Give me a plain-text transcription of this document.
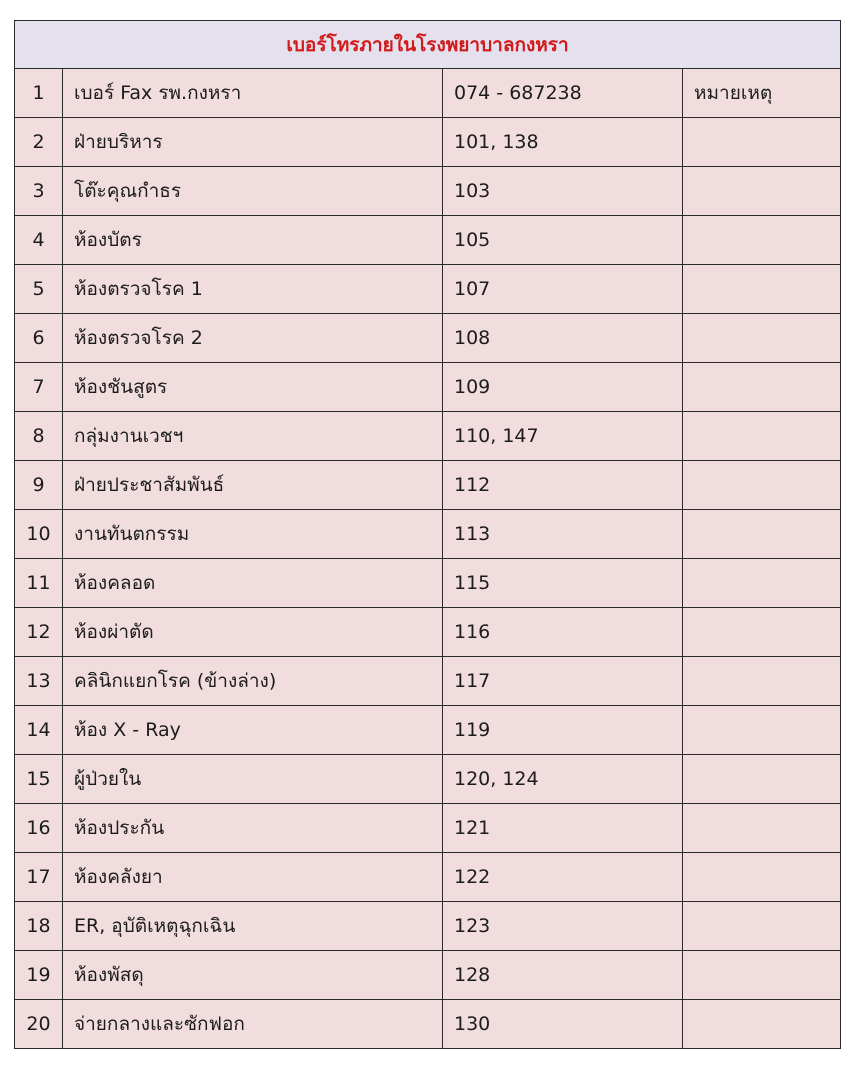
เบอร์โทรภายในโรงพยาบาลกงหรา			
1	เบอร์ Fax รพ.กงหรา	074 - 687238	หมายเหตุ
2	ฝ่ายบริหาร	101, 138	
3	โต๊ะคุณกําธร	103	
4	ห้องบัตร	105	
5	ห้องตรวจโรค 1	107	
6	ห้องตรวจโรค 2	108	
7	ห้องชันสูตร	109	
8	กลุ่มงานเวชฯ	110, 147	
9	ฝ่ายประชาสัมพันธ์	112	
10	งานทันตกรรม	113	
11	ห้องคลอด	115	
12	ห้องผ่าตัด	116	
13	คลินิกแยกโรค (ข้างล่าง)	117	
14	ห้อง X - Ray	119	
15	ผู้ป่วยใน	120, 124	
16	ห้องประกัน	121	
17	ห้องคลังยา	122	
18	ER, อุบัติเหตุฉุกเฉิน	123	
19	ห้องพัสดุ	128	
20	จ่ายกลางและซักฟอก	130	
